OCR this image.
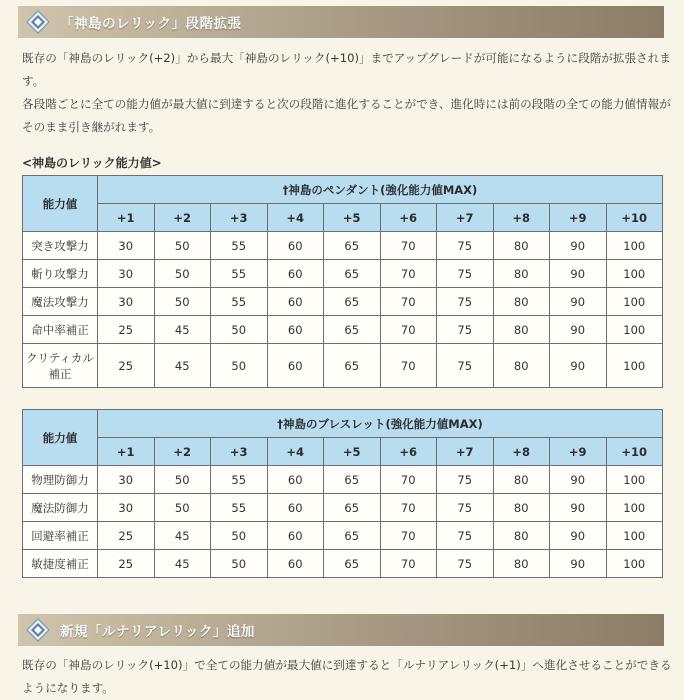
「神島のレリック」段階拡張

既存の「神島のレリック(+2)」から最大「神島のレリック(+10)」までアップグレードが可能になるように段階が拡張されます。

各段階ごとに全ての能力値が最大値に到達すると次の段階に進化することができ、進化時には前の段階の全ての能力値情報がそのまま引き継がれます。

<神島のレリック能力値>
能力値	†神島のペンダント(強化能力値MAX)									
	+1	+2	+3	+4	+5	+6	+7	+8	+9	+10
突き攻撃力	30	50	55	60	65	70	75	80	90	100
斬り攻撃力	30	50	55	60	65	70	75	80	90	100
魔法攻撃力	30	50	55	60	65	70	75	80	90	100
命中率補正	25	45	50	60	65	70	75	80	90	100
クリティカル補正	25	45	50	60	65	70	75	80	90	100
能力値	†神島のブレスレット(強化能力値MAX)									
	+1	+2	+3	+4	+5	+6	+7	+8	+9	+10
物理防御力	30	50	55	60	65	70	75	80	90	100
魔法防御力	30	50	55	60	65	70	75	80	90	100
回避率補正	25	45	50	60	65	70	75	80	90	100
敏捷度補正	25	45	50	60	65	70	75	80	90	100
新規「ルナリアレリック」追加

既存の「神島のレリック(+10)」で全ての能力値が最大値に到達すると「ルナリアレリック(+1)」へ進化させることができるようになります。
